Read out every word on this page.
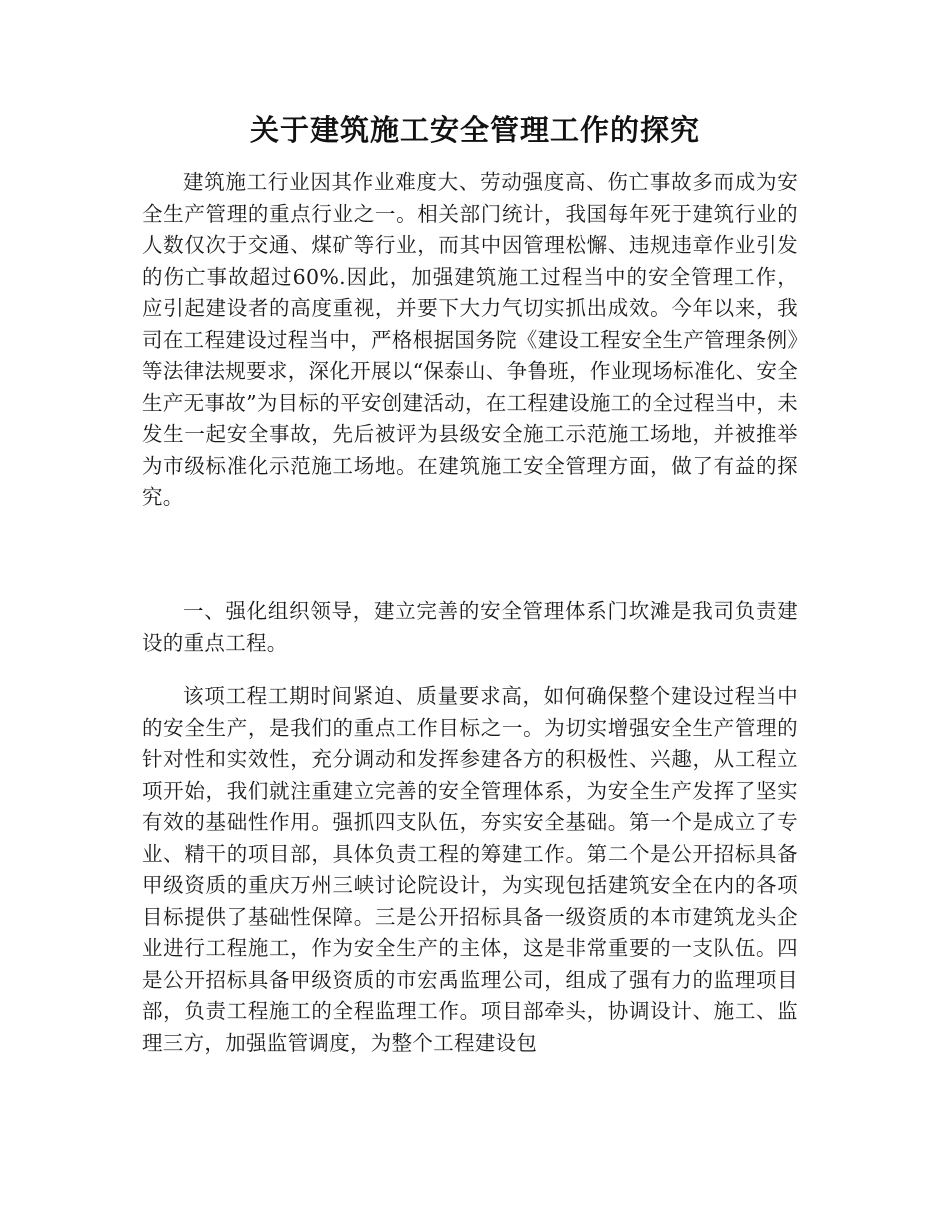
关于建筑施工安全管理工作的探究

建筑施工行业因其作业难度大、劳动强度高、伤亡事故多而成为安全生产管理的重点行业之一。相关部门统计，我国每年死于建筑行业的人数仅次于交通、煤矿等行业，而其中因管理松懈、违规违章作业引发的伤亡事故超过60%.因此，加强建筑施工过程当中的安全管理工作，应引起建设者的高度重视，并要下大力气切实抓出成效。今年以来，我司在工程建设过程当中，严格根据国务院《建设工程安全生产管理条例》等法律法规要求，深化开展以“保泰山、争鲁班，作业现场标准化、安全生产无事故”为目标的平安创建活动，在工程建设施工的全过程当中，未发生一起安全事故，先后被评为县级安全施工示范施工场地，并被推举为市级标准化示范施工场地。在建筑施工安全管理方面，做了有益的探究。

一、强化组织领导，建立完善的安全管理体系门坎滩是我司负责建设的重点工程。

该项工程工期时间紧迫、质量要求高，如何确保整个建设过程当中的安全生产，是我们的重点工作目标之一。为切实增强安全生产管理的针对性和实效性，充分调动和发挥参建各方的积极性、兴趣，从工程立项开始，我们就注重建立完善的安全管理体系，为安全生产发挥了坚实有效的基础性作用。强抓四支队伍，夯实安全基础。第一个是成立了专业、精干的项目部，具体负责工程的筹建工作。第二个是公开招标具备甲级资质的重庆万州三峡讨论院设计，为实现包括建筑安全在内的各项目标提供了基础性保障。三是公开招标具备一级资质的本市建筑龙头企业进行工程施工，作为安全生产的主体，这是非常重要的一支队伍。四是公开招标具备甲级资质的市宏禹监理公司，组成了强有力的监理项目部，负责工程施工的全程监理工作。项目部牵头，协调设计、施工、监理三方，加强监管调度，为整个工程建设包
